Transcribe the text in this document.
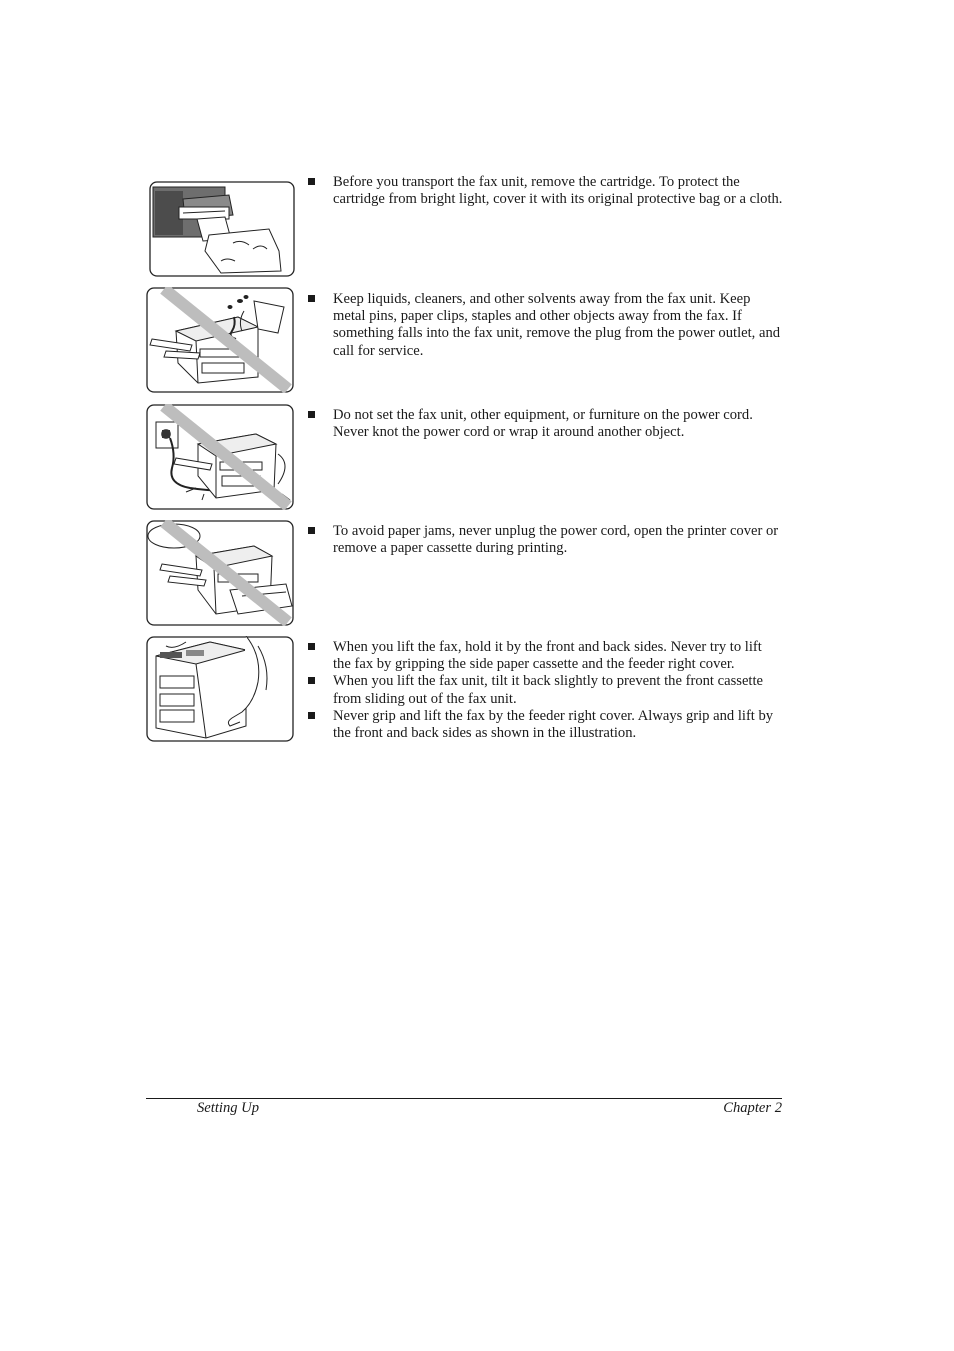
Before you transport the fax unit, remove the cartridge. To protect the cartridge from bright light, cover it with its original protective bag or a cloth.
Keep liquids, cleaners, and other solvents away from the fax unit. Keep metal pins, paper clips, staples and other objects away from the fax. If something falls into the fax unit, remove the plug from the power outlet, and call for service.
Do not set the fax unit, other equipment, or furniture on the power cord. Never knot the power cord or wrap it around another object.
To avoid paper jams, never unplug the power cord, open the printer cover or remove a paper cassette during printing.
When you lift the fax, hold it by the front and back sides. Never try to lift the fax by gripping the side paper cassette and the feeder right cover.
When you lift the fax unit, tilt it back slightly to prevent the front cassette from sliding out of the fax unit.
Never grip and lift the fax by the feeder right cover. Always grip and lift by the front and back sides as shown in the illustration.
Setting Up	Chapter 2
